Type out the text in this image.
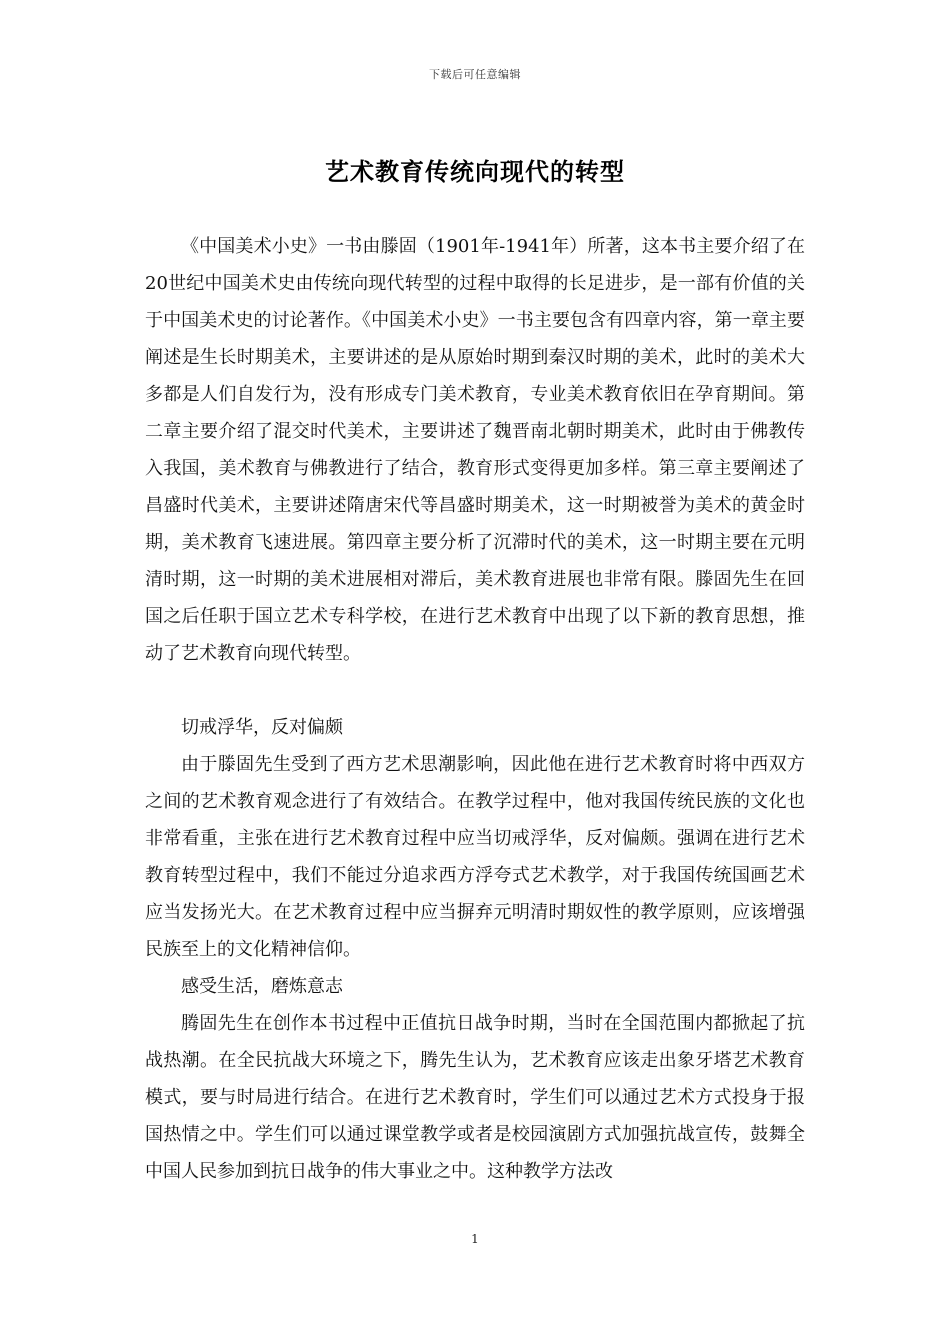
下载后可任意编辑
艺术教育传统向现代的转型

《中国美术小史》一书由滕固（1901年-1941年）所著，这本书主要介绍了在20世纪中国美术史由传统向现代转型的过程中取得的长足进步，是一部有价值的关于中国美术史的讨论著作。《中国美术小史》一书主要包含有四章内容，第一章主要阐述是生长时期美术，主要讲述的是从原始时期到秦汉时期的美术，此时的美术大多都是人们自发行为，没有形成专门美术教育，专业美术教育依旧在孕育期间。第二章主要介绍了混交时代美术，主要讲述了魏晋南北朝时期美术，此时由于佛教传入我国，美术教育与佛教进行了结合，教育形式变得更加多样。第三章主要阐述了昌盛时代美术，主要讲述隋唐宋代等昌盛时期美术，这一时期被誉为美术的黄金时期，美术教育飞速进展。第四章主要分析了沉滞时代的美术，这一时期主要在元明清时期，这一时期的美术进展相对滞后，美术教育进展也非常有限。滕固先生在回国之后任职于国立艺术专科学校，在进行艺术教育中出现了以下新的教育思想，推动了艺术教育向现代转型。

切戒浮华，反对偏颇

由于滕固先生受到了西方艺术思潮影响，因此他在进行艺术教育时将中西双方之间的艺术教育观念进行了有效结合。在教学过程中，他对我国传统民族的文化也非常看重，主张在进行艺术教育过程中应当切戒浮华，反对偏颇。强调在进行艺术教育转型过程中，我们不能过分追求西方浮夸式艺术教学，对于我国传统国画艺术应当发扬光大。在艺术教育过程中应当摒弃元明清时期奴性的教学原则，应该增强民族至上的文化精神信仰。

感受生活，磨炼意志

腾固先生在创作本书过程中正值抗日战争时期，当时在全国范围内都掀起了抗战热潮。在全民抗战大环境之下，腾先生认为，艺术教育应该走出象牙塔艺术教育模式，要与时局进行结合。在进行艺术教育时，学生们可以通过艺术方式投身于报国热情之中。学生们可以通过课堂教学或者是校园演剧方式加强抗战宣传，鼓舞全中国人民参加到抗日战争的伟大事业之中。这种教学方法改

1
